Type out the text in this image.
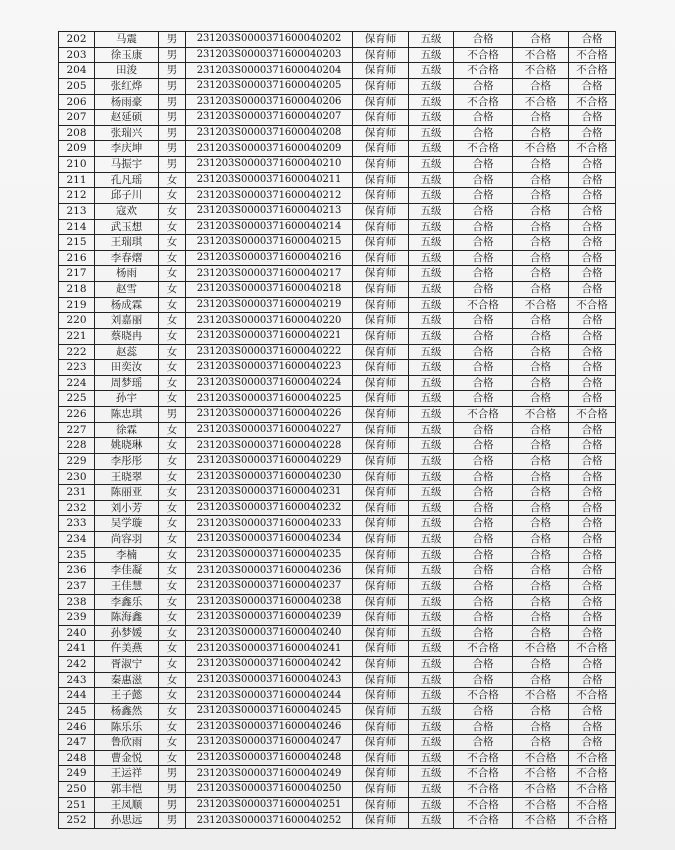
202	马震	男	231203S0000371600040202	保育师	五级	合格	合格	合格
203	徐玉康	男	231203S0000371600040203	保育师	五级	不合格	不合格	不合格
204	田浚	男	231203S0000371600040204	保育师	五级	不合格	不合格	不合格
205	张红烨	男	231203S0000371600040205	保育师	五级	合格	合格	合格
206	杨雨豪	男	231203S0000371600040206	保育师	五级	不合格	不合格	不合格
207	赵延硕	男	231203S0000371600040207	保育师	五级	合格	合格	合格
208	张瑞兴	男	231203S0000371600040208	保育师	五级	合格	合格	合格
209	李庆坤	男	231203S0000371600040209	保育师	五级	不合格	不合格	不合格
210	马振宇	男	231203S0000371600040210	保育师	五级	合格	合格	合格
211	孔凡瑶	女	231203S0000371600040211	保育师	五级	合格	合格	合格
212	邱子川	女	231203S0000371600040212	保育师	五级	合格	合格	合格
213	寇欢	女	231203S0000371600040213	保育师	五级	合格	合格	合格
214	武玉想	女	231203S0000371600040214	保育师	五级	合格	合格	合格
215	王瑞琪	女	231203S0000371600040215	保育师	五级	合格	合格	合格
216	李春熠	女	231203S0000371600040216	保育师	五级	合格	合格	合格
217	杨雨	女	231203S0000371600040217	保育师	五级	合格	合格	合格
218	赵雪	女	231203S0000371600040218	保育师	五级	合格	合格	合格
219	杨成霖	女	231203S0000371600040219	保育师	五级	不合格	不合格	不合格
220	刘嘉丽	女	231203S0000371600040220	保育师	五级	合格	合格	合格
221	蔡晓冉	女	231203S0000371600040221	保育师	五级	合格	合格	合格
222	赵蕊	女	231203S0000371600040222	保育师	五级	合格	合格	合格
223	田奕汝	女	231203S0000371600040223	保育师	五级	合格	合格	合格
224	周梦瑶	女	231203S0000371600040224	保育师	五级	合格	合格	合格
225	孙宇	女	231203S0000371600040225	保育师	五级	合格	合格	合格
226	陈忠琪	男	231203S0000371600040226	保育师	五级	不合格	不合格	不合格
227	徐霖	女	231203S0000371600040227	保育师	五级	合格	合格	合格
228	姚晓琳	女	231203S0000371600040228	保育师	五级	合格	合格	合格
229	李彤彤	女	231203S0000371600040229	保育师	五级	合格	合格	合格
230	王晓翠	女	231203S0000371600040230	保育师	五级	合格	合格	合格
231	陈丽亚	女	231203S0000371600040231	保育师	五级	合格	合格	合格
232	刘小芳	女	231203S0000371600040232	保育师	五级	合格	合格	合格
233	吴学璇	女	231203S0000371600040233	保育师	五级	合格	合格	合格
234	尚容羽	女	231203S0000371600040234	保育师	五级	合格	合格	合格
235	李楠	女	231203S0000371600040235	保育师	五级	合格	合格	合格
236	李佳凝	女	231203S0000371600040236	保育师	五级	合格	合格	合格
237	王佳慧	女	231203S0000371600040237	保育师	五级	合格	合格	合格
238	李鑫乐	女	231203S0000371600040238	保育师	五级	合格	合格	合格
239	陈海鑫	女	231203S0000371600040239	保育师	五级	合格	合格	合格
240	孙梦媛	女	231203S0000371600040240	保育师	五级	合格	合格	合格
241	仵美燕	女	231203S0000371600040241	保育师	五级	不合格	不合格	不合格
242	胥淑宁	女	231203S0000371600040242	保育师	五级	合格	合格	合格
243	秦惠滋	女	231203S0000371600040243	保育师	五级	合格	合格	合格
244	王子懿	女	231203S0000371600040244	保育师	五级	不合格	不合格	不合格
245	杨鑫然	女	231203S0000371600040245	保育师	五级	合格	合格	合格
246	陈乐乐	女	231203S0000371600040246	保育师	五级	合格	合格	合格
247	鲁欣雨	女	231203S0000371600040247	保育师	五级	合格	合格	合格
248	曹金悦	女	231203S0000371600040248	保育师	五级	不合格	不合格	不合格
249	王运祥	男	231203S0000371600040249	保育师	五级	不合格	不合格	不合格
250	郭丰恺	男	231203S0000371600040250	保育师	五级	不合格	不合格	不合格
251	王凤顺	男	231203S0000371600040251	保育师	五级	不合格	不合格	不合格
252	孙思远	男	231203S0000371600040252	保育师	五级	不合格	不合格	不合格
